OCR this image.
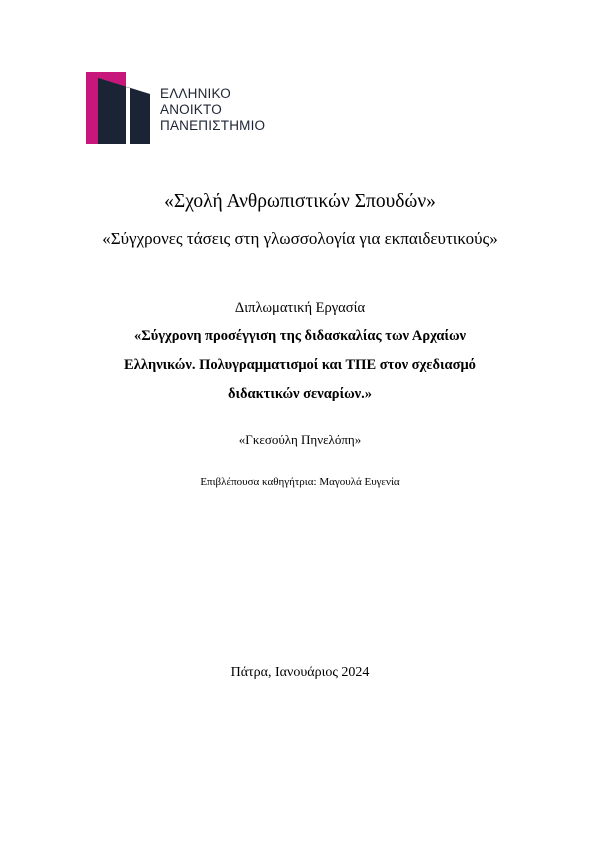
ΕΛΛΗΝΙΚΟ
ΑΝΟΙΚΤΟ
ΠΑΝΕΠΙΣΤΗΜΙΟ
«Σχολή Ανθρωπιστικών Σπουδών»
«Σύγχρονες τάσεις στη γλωσσολογία για εκπαιδευτικούς»
Διπλωματική Εργασία
«Σύγχρονη προσέγγιση της διδασκαλίας των Αρχαίων
Ελληνικών. Πολυγραμματισμοί και ΤΠΕ στον σχεδιασμό
διδακτικών σεναρίων.»
«Γκεσούλη Πηνελόπη»
Επιβλέπουσα καθηγήτρια: Μαγουλά Ευγενία
Πάτρα, Ιανουάριος 2024
